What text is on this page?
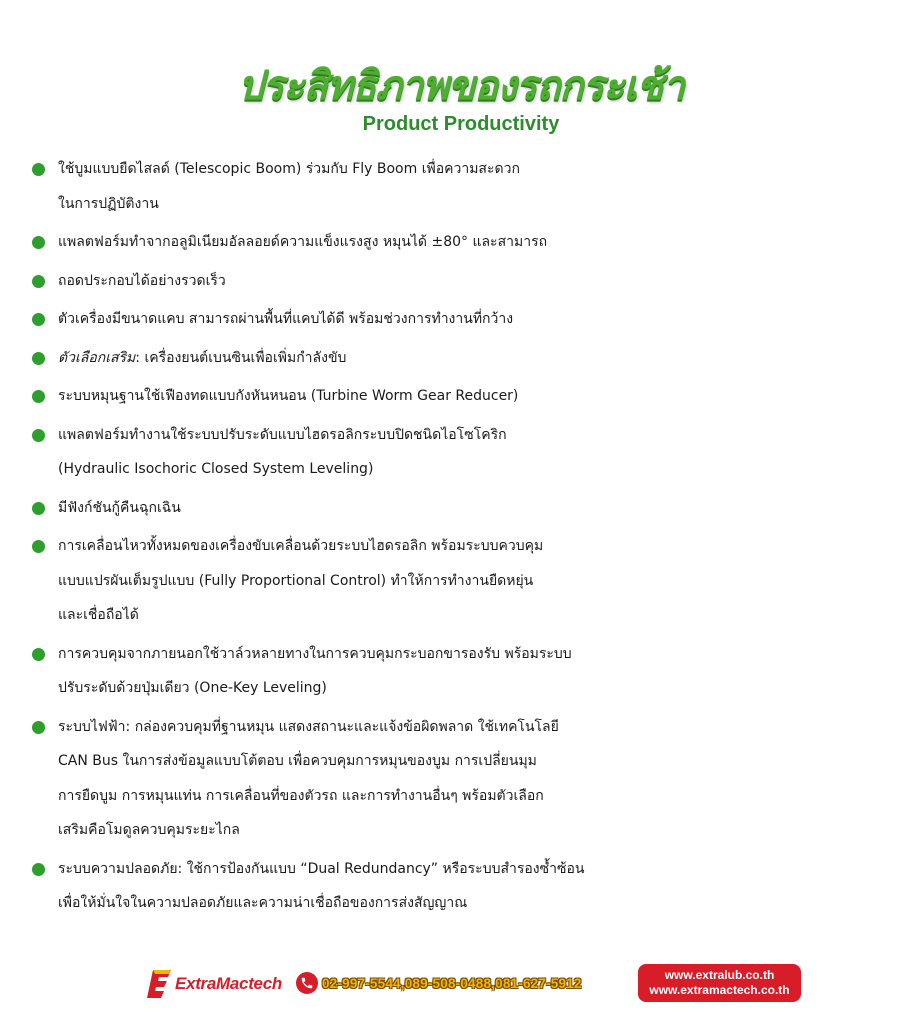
ประสิทธิภาพของรถกระเช้า
Product Productivity
ใช้บูมแบบยืดไสลด์ (Telescopic Boom) ร่วมกับ Fly Boom เพื่อความสะดวก
ในการปฏิบัติงาน
แพลตฟอร์มทำจากอลูมิเนียมอัลลอยด์ความแข็งแรงสูง หมุนได้ ±80° และสามารถ
ถอดประกอบได้อย่างรวดเร็ว
ตัวเครื่องมีขนาดแคบ สามารถผ่านพื้นที่แคบได้ดี พร้อมช่วงการทำงานที่กว้าง
ตัวเลือกเสริม: เครื่องยนต์เบนซินเพื่อเพิ่มกำลังขับ
ระบบหมุนฐานใช้เฟืองทดแบบกังหันหนอน (Turbine Worm Gear Reducer)
แพลตฟอร์มทำงานใช้ระบบปรับระดับแบบไฮดรอลิกระบบปิดชนิดไอโซโคริก
(Hydraulic Isochoric Closed System Leveling)
มีฟังก์ชันกู้คืนฉุกเฉิน
การเคลื่อนไหวทั้งหมดของเครื่องขับเคลื่อนด้วยระบบไฮดรอลิก พร้อมระบบควบคุม
แบบแปรผันเต็มรูปแบบ (Fully Proportional Control) ทำให้การทำงานยืดหยุ่น
และเชื่อถือได้
การควบคุมจากภายนอกใช้วาล์วหลายทางในการควบคุมกระบอกขารองรับ พร้อมระบบ
ปรับระดับด้วยปุ่มเดียว (One-Key Leveling)
ระบบไฟฟ้า: กล่องควบคุมที่ฐานหมุน แสดงสถานะและแจ้งข้อผิดพลาด ใช้เทคโนโลยี
CAN Bus ในการส่งข้อมูลแบบโต้ตอบ เพื่อควบคุมการหมุนของบูม การเปลี่ยนมุม
การยืดบูม การหมุนแท่น การเคลื่อนที่ของตัวรถ และการทำงานอื่นๆ พร้อมตัวเลือก
เสริมคือโมดูลควบคุมระยะไกล
ระบบความปลอดภัย: ใช้การป้องกันแบบ “Dual Redundancy” หรือระบบสำรองซ้ำซ้อน
เพื่อให้มั่นใจในความปลอดภัยและความน่าเชื่อถือของการส่งสัญญาณ
ExtraMactech	02-997-5544,089-508-0488,081-627-5912
www.extralub.co.th
www.extramactech.co.th
